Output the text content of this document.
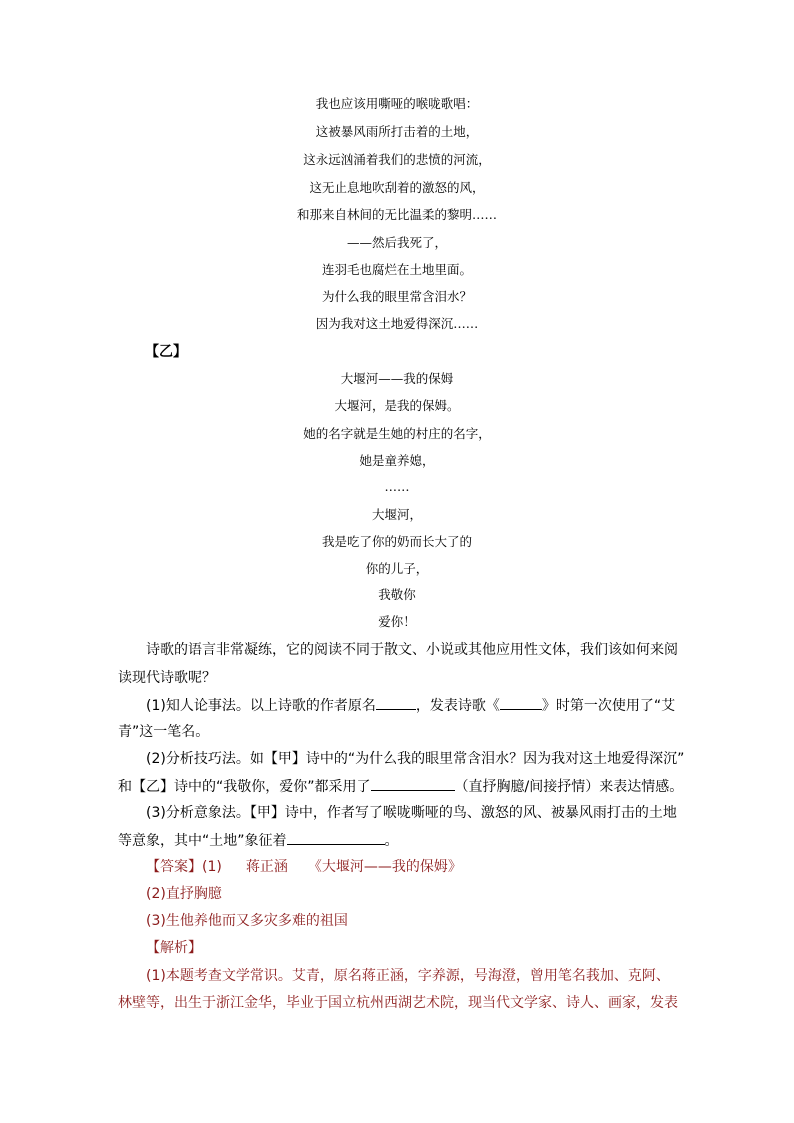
我也应该用嘶哑的喉咙歌唱：
这被暴风雨所打击着的土地，
这永远汹涌着我们的悲愤的河流，
这无止息地吹刮着的激怒的风，
和那来自林间的无比温柔的黎明……
——然后我死了，
连羽毛也腐烂在土地里面。
为什么我的眼里常含泪水？
因为我对这土地爱得深沉……
【乙】
大堰河——我的保姆
大堰河，是我的保姆。
她的名字就是生她的村庄的名字，
她是童养媳，
……
大堰河，
我是吃了你的奶而长大了的
你的儿子，
我敬你
爱你！
诗歌的语言非常凝练，它的阅读不同于散文、小说或其他应用性文体，我们该如何来阅
读现代诗歌呢？
(1)知人论事法。以上诗歌的作者原名	，发表诗歌《	》时第一次使用了“艾
青”这一笔名。
(2)分析技巧法。如【甲】诗中的“为什么我的眼里常含泪水？因为我对这土地爱得深沉”
和【乙】诗中的“我敬你，爱你”都采用了	（直抒胸臆/间接抒情）来表达情感。
(3)分析意象法。【甲】诗中，作者写了喉咙嘶哑的鸟、激怒的风、被暴风雨打击的土地
等意象，其中“土地”象征着	。
【答案】(1) 蒋正涵 《大堰河——我的保姆》
(2)直抒胸臆
(3)生他养他而又多灾多难的祖国
【解析】
(1)本题考查文学常识。艾青，原名蒋正涵，字养源，号海澄，曾用笔名莪加、克阿、
林壁等，出生于浙江金华，毕业于国立杭州西湖艺术院，现当代文学家、诗人、画家，发表
